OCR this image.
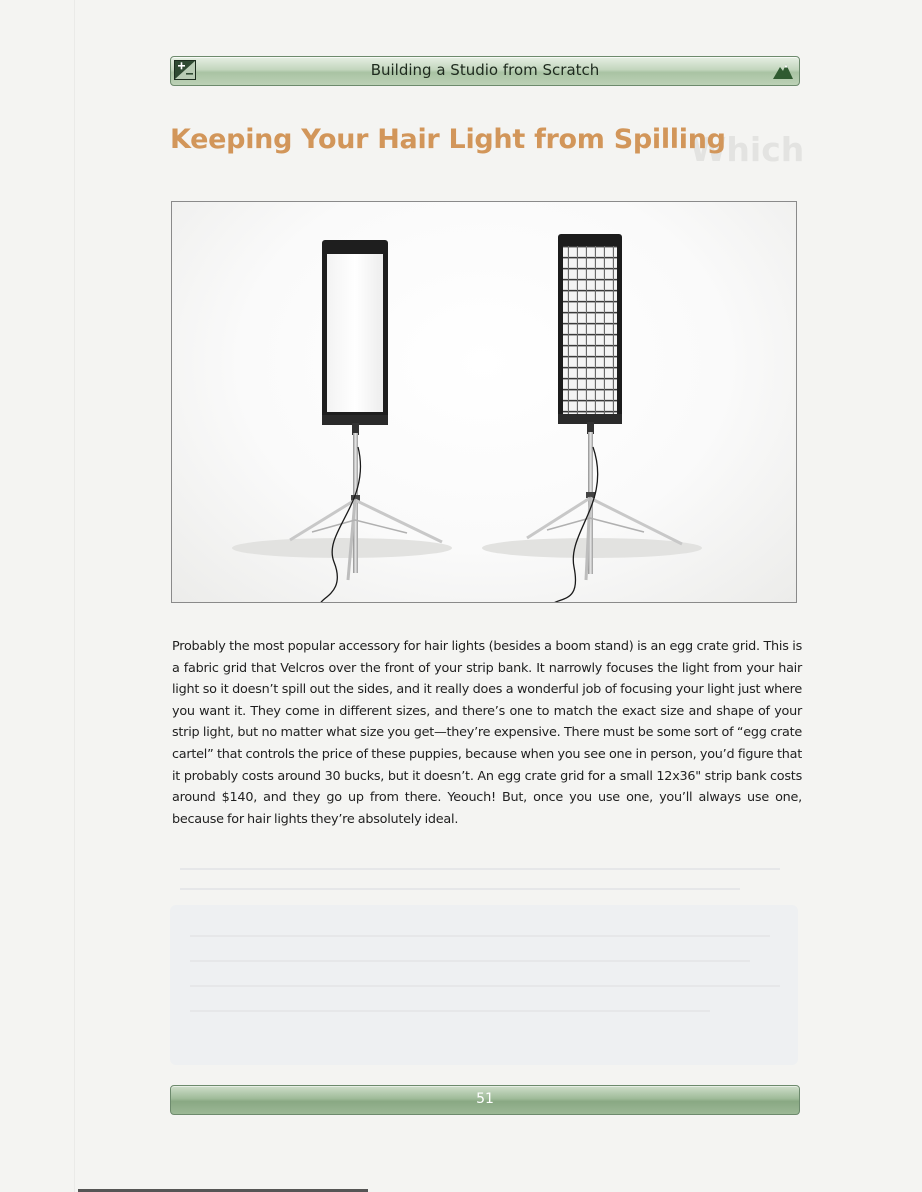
Which
Building a Studio from Scratch
Keeping Your Hair Light from Spilling

Probably the most popular accessory for hair lights (besides a boom stand) is an egg crate grid. This is a fabric grid that Velcros over the front of your strip bank. It narrowly focuses the light from your hair light so it doesn’t spill out the sides, and it really does a wonderful job of focusing your light just where you want it. They come in different sizes, and there’s one to match the exact size and shape of your strip light, but no matter what size you get—they’re expensive. There must be some sort of “egg crate cartel” that controls the price of these puppies, because when you see one in person, you’d figure that it probably costs around 30 bucks, but it doesn’t. An egg crate grid for a small 12x36" strip bank costs around $140, and they go up from there. Yeouch! But, once you use one, you’ll always use one, because for hair lights they’re absolutely ideal.

51
